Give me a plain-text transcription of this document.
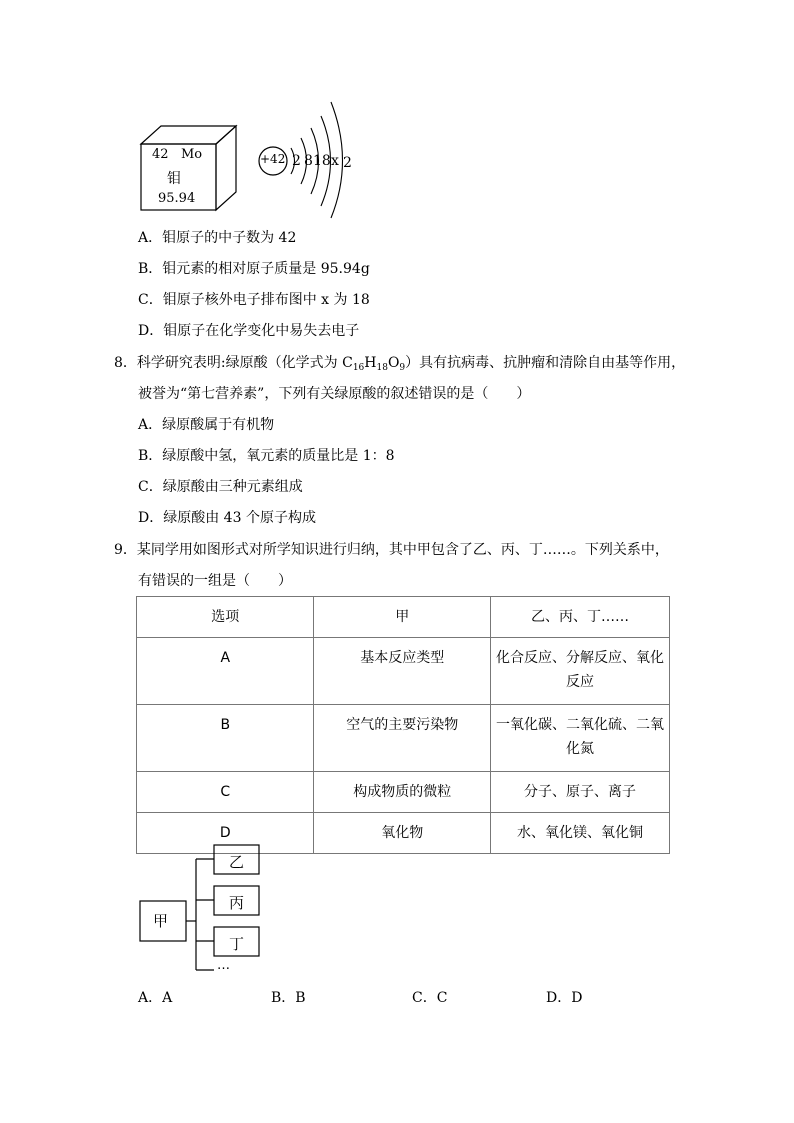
42 Mo
钼
95.94
+42 2 8 18 x 2
A．钼原子的中子数为 42
B．钼元素的相对原子质量是 95.94g
C．钼原子核外电子排布图中 x 为 18
D．钼原子在化学变化中易失去电子
8．科学研究表明:绿原酸（化学式为 $C_{16}H_{18}O_9$）具有抗病毒、抗肿瘤和清除自由基等作用，
被誉为“第七营养素”，下列有关绿原酸的叙述错误的是（　　）
A．绿原酸属于有机物
B．绿原酸中氢，氧元素的质量比是 1：8
C．绿原酸由三种元素组成
D．绿原酸由 43 个原子构成
9．某同学用如图形式对所学知识进行归纳，其中甲包含了乙、丙、丁……。下列关系中，
有错误的一组是（　　）
选项	甲	乙、丙、丁……
A	基本反应类型	化合反应、分解反应、氧化反应
B	空气的主要污染物	一氧化碳、二氧化硫、二氧化氮
C	构成物质的微粒	分子、原子、离子
D	氧化物	水、氧化镁、氧化铜
甲
乙
丙
丁
…
A．A	B．B	C．C	D．D
